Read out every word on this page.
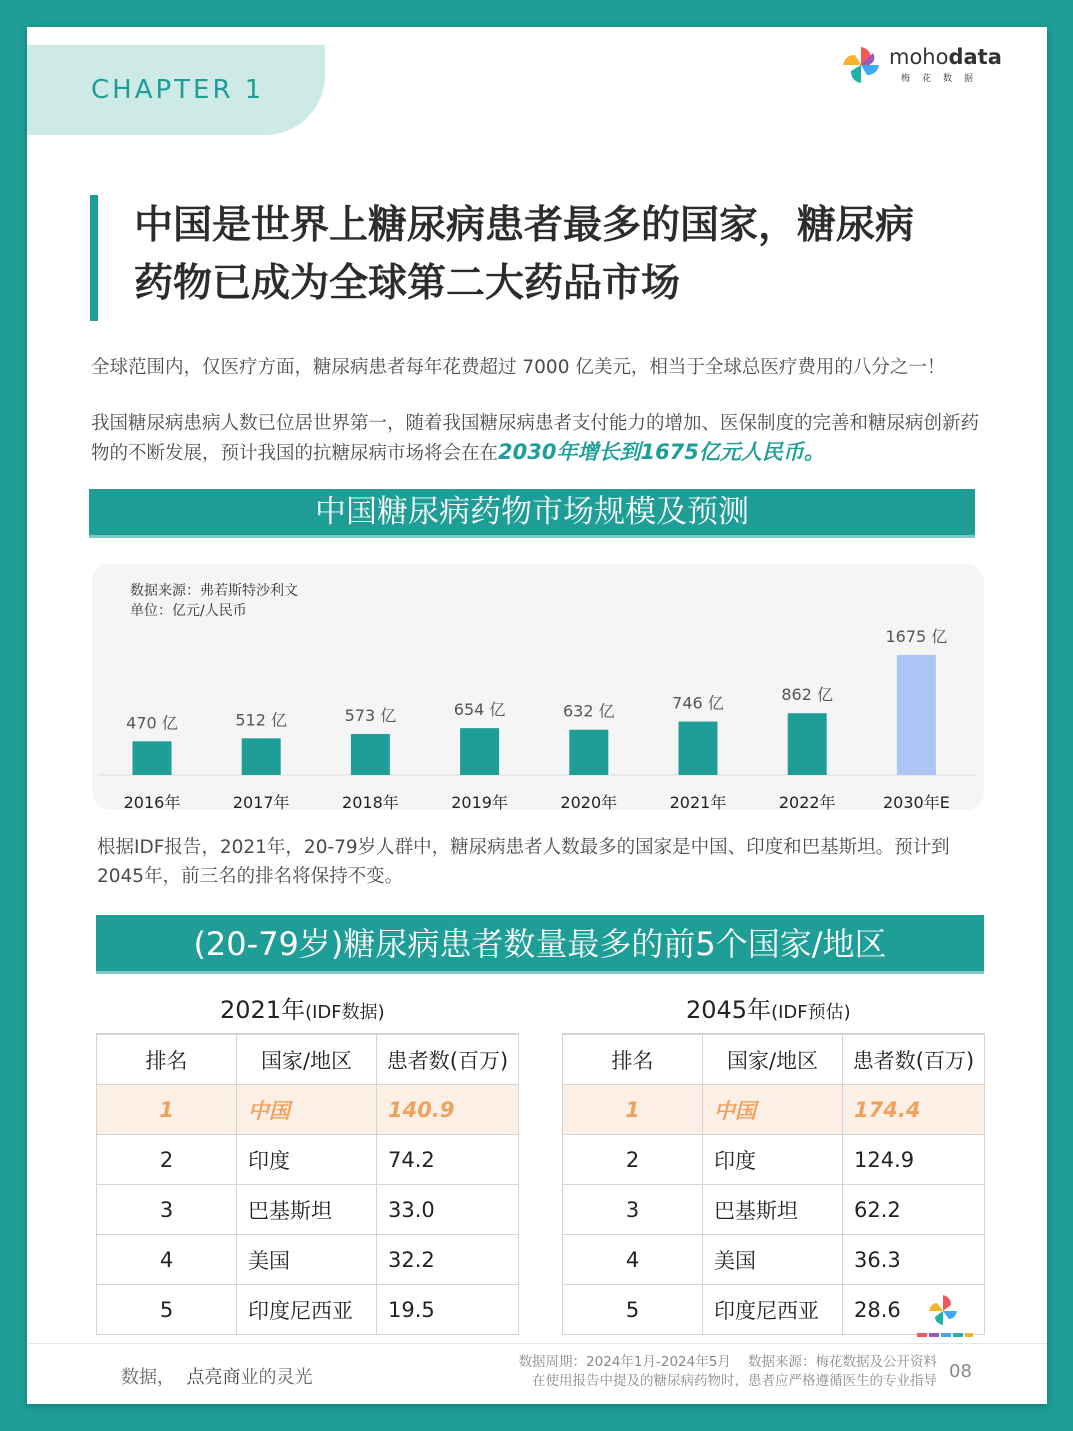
CHAPTER 1
mohodata
梅花数据
中国是世界上糖尿病患者最多的国家，糖尿病
药物已成为全球第二大药品市场
全球范围内，仅医疗方面，糖尿病患者每年花费超过 7000 亿美元，相当于全球总医疗费用的八分之一！
我国糖尿病患病人数已位居世界第一，随着我国糖尿病患者支付能力的增加、医保制度的完善和糖尿病创新药物的不断发展，预计我国的抗糖尿病市场将会在在2030年增长到1675亿元人民币。
中国糖尿病药物市场规模及预测
数据来源：弗若斯特沙利文
单位：亿元/人民币
470 亿
2016年
512 亿
2017年
573 亿
2018年
654 亿
2019年
632 亿
2020年
746 亿
2021年
862 亿
2022年
1675 亿
2030年E
根据IDF报告，2021年，20-79岁人群中，糖尿病患者人数最多的国家是中国、印度和巴基斯坦。预计到2045年，前三名的排名将保持不变。
(20-79岁)糖尿病患者数量最多的前5个国家/地区
2021年(IDF数据)	2045年(IDF预估)
排名	国家/地区	患者数(百万)
1	中国	140.9
2	印度	74.2
3	巴基斯坦	33.0
4	美国	32.2
5	印度尼西亚	19.5
排名	国家/地区	患者数(百万)
1	中国	174.4
2	印度	124.9
3	巴基斯坦	62.2
4	美国	36.3
5	印度尼西亚	28.6
数据， 点亮商业的灵光
数据周期：2024年1月-2024年5月 数据来源：梅花数据及公开资料
在使用报告中提及的糖尿病药物时，患者应严格遵循医生的专业指导 08
